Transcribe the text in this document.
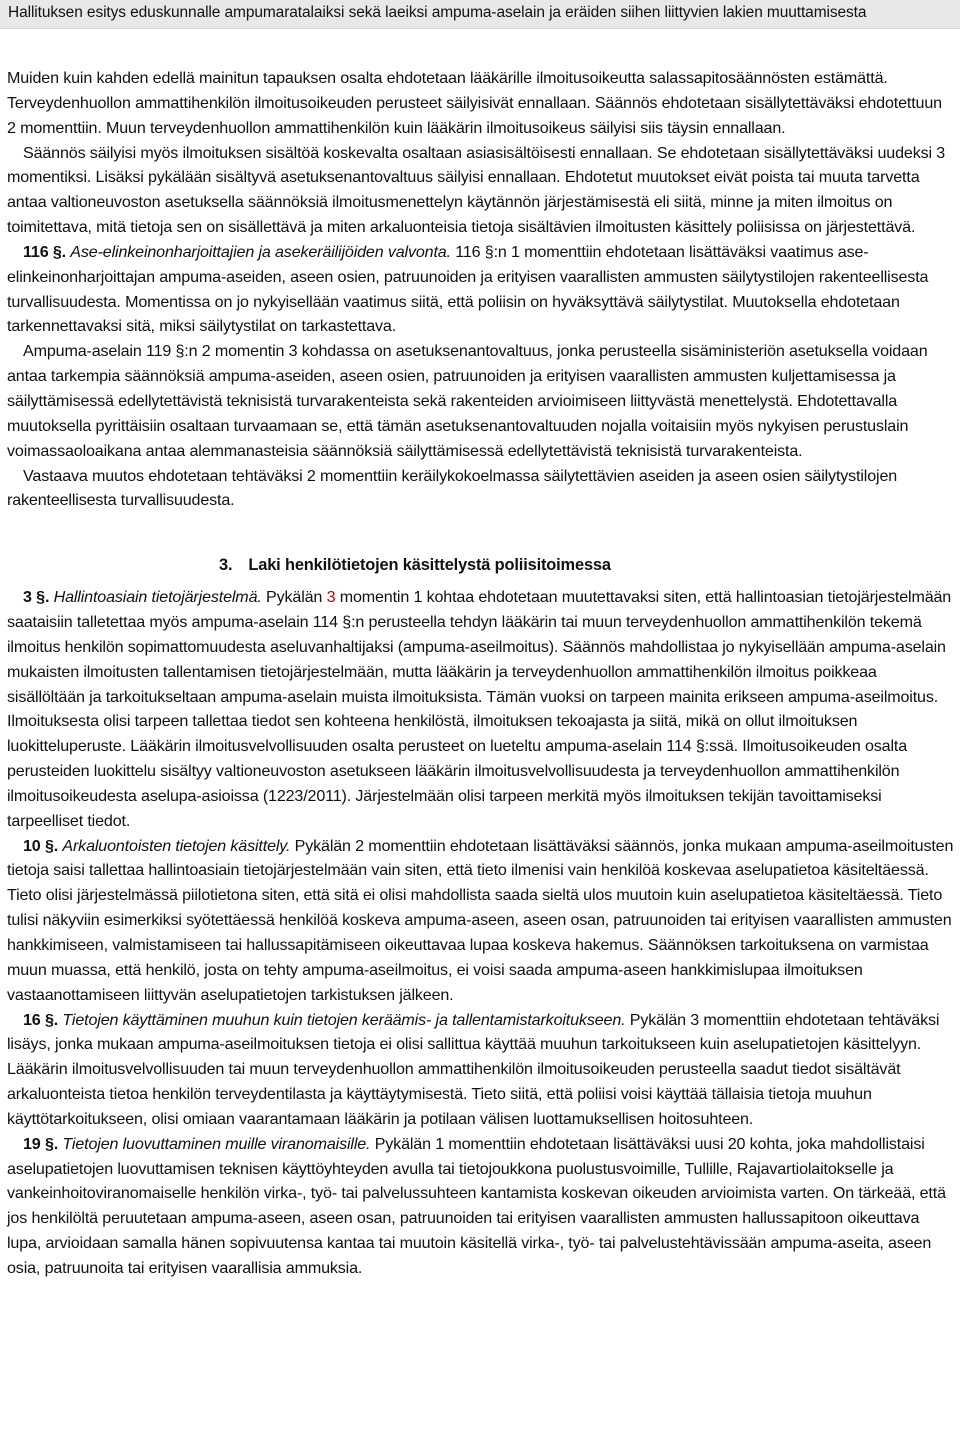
Hallituksen esitys eduskunnalle ampumaratalaiksi sekä laeiksi ampuma-aselain ja eräiden siihen liittyvien lakien muuttamisesta

Muiden kuin kahden edellä mainitun tapauksen osalta ehdotetaan lääkärille ilmoitusoikeutta salassapitosäännösten estämättä. Terveydenhuollon ammattihenkilön ilmoitusoikeuden perusteet säilyisivät ennallaan. Säännös ehdotetaan sisällytettäväksi ehdotettuun 2 momenttiin. Muun terveydenhuollon ammattihenkilön kuin lääkärin ilmoitusoikeus säilyisi siis täysin ennallaan.

Säännös säilyisi myös ilmoituksen sisältöä koskevalta osaltaan asiasisältöisesti ennallaan. Se ehdotetaan sisällytettäväksi uudeksi 3 momentiksi. Lisäksi pykälään sisältyvä asetuksenantovaltuus säilyisi ennallaan. Ehdotetut muutokset eivät poista tai muuta tarvetta antaa valtioneuvoston asetuksella säännöksiä ilmoitusmenettelyn käytännön järjestämisestä eli siitä, minne ja miten ilmoitus on toimitettava, mitä tietoja sen on sisällettävä ja miten arkaluonteisia tietoja sisältävien ilmoitusten käsittely poliisissa on järjestettävä.

116 §. Ase-elinkeinonharjoittajien ja asekeräilijöiden valvonta. 116 §:n 1 momenttiin ehdotetaan lisättäväksi vaatimus ase-elinkeinonharjoittajan ampuma-aseiden, aseen osien, patruunoiden ja erityisen vaarallisten ammusten säilytystilojen rakenteellisesta turvallisuudesta. Momentissa on jo nykyisellään vaatimus siitä, että poliisin on hyväksyttävä säilytystilat. Muutoksella ehdotetaan tarkennettavaksi sitä, miksi säilytystilat on tarkastettava.

Ampuma-aselain 119 §:n 2 momentin 3 kohdassa on asetuksenantovaltuus, jonka perusteella sisäministeriön asetuksella voidaan antaa tarkempia säännöksiä ampuma-aseiden, aseen osien, patruunoiden ja erityisen vaarallisten ammusten kuljettamisessa ja säilyttämisessä edellytettävistä teknisistä turvarakenteista sekä rakenteiden arvioimiseen liittyvästä menettelystä. Ehdotettavalla muutoksella pyrittäisiin osaltaan turvaamaan se, että tämän asetuksenantovaltuuden nojalla voitaisiin myös nykyisen perustuslain voimassaoloaikana antaa alemmanasteisia säännöksiä säilyttämisessä edellytettävistä teknisistä turvarakenteista.

Vastaava muutos ehdotetaan tehtäväksi 2 momenttiin keräilykokoelmassa säilytettävien aseiden ja aseen osien säilytystilojen rakenteellisesta turvallisuudesta.

3. Laki henkilötietojen käsittelystä poliisitoimessa

3 §. Hallintoasiain tietojärjestelmä. Pykälän 3 momentin 1 kohtaa ehdotetaan muutettavaksi siten, että hallintoasian tietojärjestelmään saataisiin talletettaa myös ampuma-aselain 114 §:n perusteella tehdyn lääkärin tai muun terveydenhuollon ammattihenkilön tekemä ilmoitus henkilön sopimattomuudesta aseluvanhaltijaksi (ampuma-aseilmoitus). Säännös mahdollistaa jo nykyisellään ampuma-aselain mukaisten ilmoitusten tallentamisen tietojärjestelmään, mutta lääkärin ja terveydenhuollon ammattihenkilön ilmoitus poikkeaa sisällöltään ja tarkoitukseltaan ampuma-aselain muista ilmoituksista. Tämän vuoksi on tarpeen mainita erikseen ampuma-aseilmoitus. Ilmoituksesta olisi tarpeen tallettaa tiedot sen kohteena henkilöstä, ilmoituksen tekoajasta ja siitä, mikä on ollut ilmoituksen luokitteluperuste. Lääkärin ilmoitusvelvollisuuden osalta perusteet on lueteltu ampuma-aselain 114 §:ssä. Ilmoitusoikeuden osalta perusteiden luokittelu sisältyy valtioneuvoston asetukseen lääkärin ilmoitusvelvollisuudesta ja terveydenhuollon ammattihenkilön ilmoitusoikeudesta aselupa-asioissa (1223/2011). Järjestelmään olisi tarpeen merkitä myös ilmoituksen tekijän tavoittamiseksi tarpeelliset tiedot.

10 §. Arkaluontoisten tietojen käsittely. Pykälän 2 momenttiin ehdotetaan lisättäväksi säännös, jonka mukaan ampuma-aseilmoitusten tietoja saisi tallettaa hallintoasiain tietojärjestelmään vain siten, että tieto ilmenisi vain henkilöä koskevaa aselupatietoa käsiteltäessä. Tieto olisi järjestelmässä piilotietona siten, että sitä ei olisi mahdollista saada sieltä ulos muutoin kuin aselupatietoa käsiteltäessä. Tieto tulisi näkyviin esimerkiksi syötettäessä henkilöä koskeva ampuma-aseen, aseen osan, patruunoiden tai erityisen vaarallisten ammusten hankkimiseen, valmistamiseen tai hallussapitämiseen oikeuttavaa lupaa koskeva hakemus. Säännöksen tarkoituksena on varmistaa muun muassa, että henkilö, josta on tehty ampuma-aseilmoitus, ei voisi saada ampuma-aseen hankkimislupaa ilmoituksen vastaanottamiseen liittyvän aselupatietojen tarkistuksen jälkeen.

16 §. Tietojen käyttäminen muuhun kuin tietojen keräämis- ja tallentamistarkoitukseen. Pykälän 3 momenttiin ehdotetaan tehtäväksi lisäys, jonka mukaan ampuma-aseilmoituksen tietoja ei olisi sallittua käyttää muuhun tarkoitukseen kuin aselupatietojen käsittelyyn. Lääkärin ilmoitusvelvollisuuden tai muun terveydenhuollon ammattihenkilön ilmoitusoikeuden perusteella saadut tiedot sisältävät arkaluonteista tietoa henkilön terveydentilasta ja käyttäytymisestä. Tieto siitä, että poliisi voisi käyttää tällaisia tietoja muuhun käyttötarkoitukseen, olisi omiaan vaarantamaan lääkärin ja potilaan välisen luottamuksellisen hoitosuhteen.

19 §. Tietojen luovuttaminen muille viranomaisille. Pykälän 1 momenttiin ehdotetaan lisättäväksi uusi 20 kohta, joka mahdollistaisi aselupatietojen luovuttamisen teknisen käyttöyhteyden avulla tai tietojoukkona puolustusvoimille, Tullille, Rajavartiolaitokselle ja vankeinhoitoviranomaiselle henkilön virka-, työ- tai palvelussuhteen kantamista koskevan oikeuden arvioimista varten. On tärkeää, että jos henkilöltä peruutetaan ampuma-aseen, aseen osan, patruunoiden tai erityisen vaarallisten ammusten hallussapitoon oikeuttava lupa, arvioidaan samalla hänen sopivuutensa kantaa tai muutoin käsitellä virka-, työ- tai palvelustehtävissään ampuma-aseita, aseen osia, patruunoita tai erityisen vaarallisia ammuksia.
